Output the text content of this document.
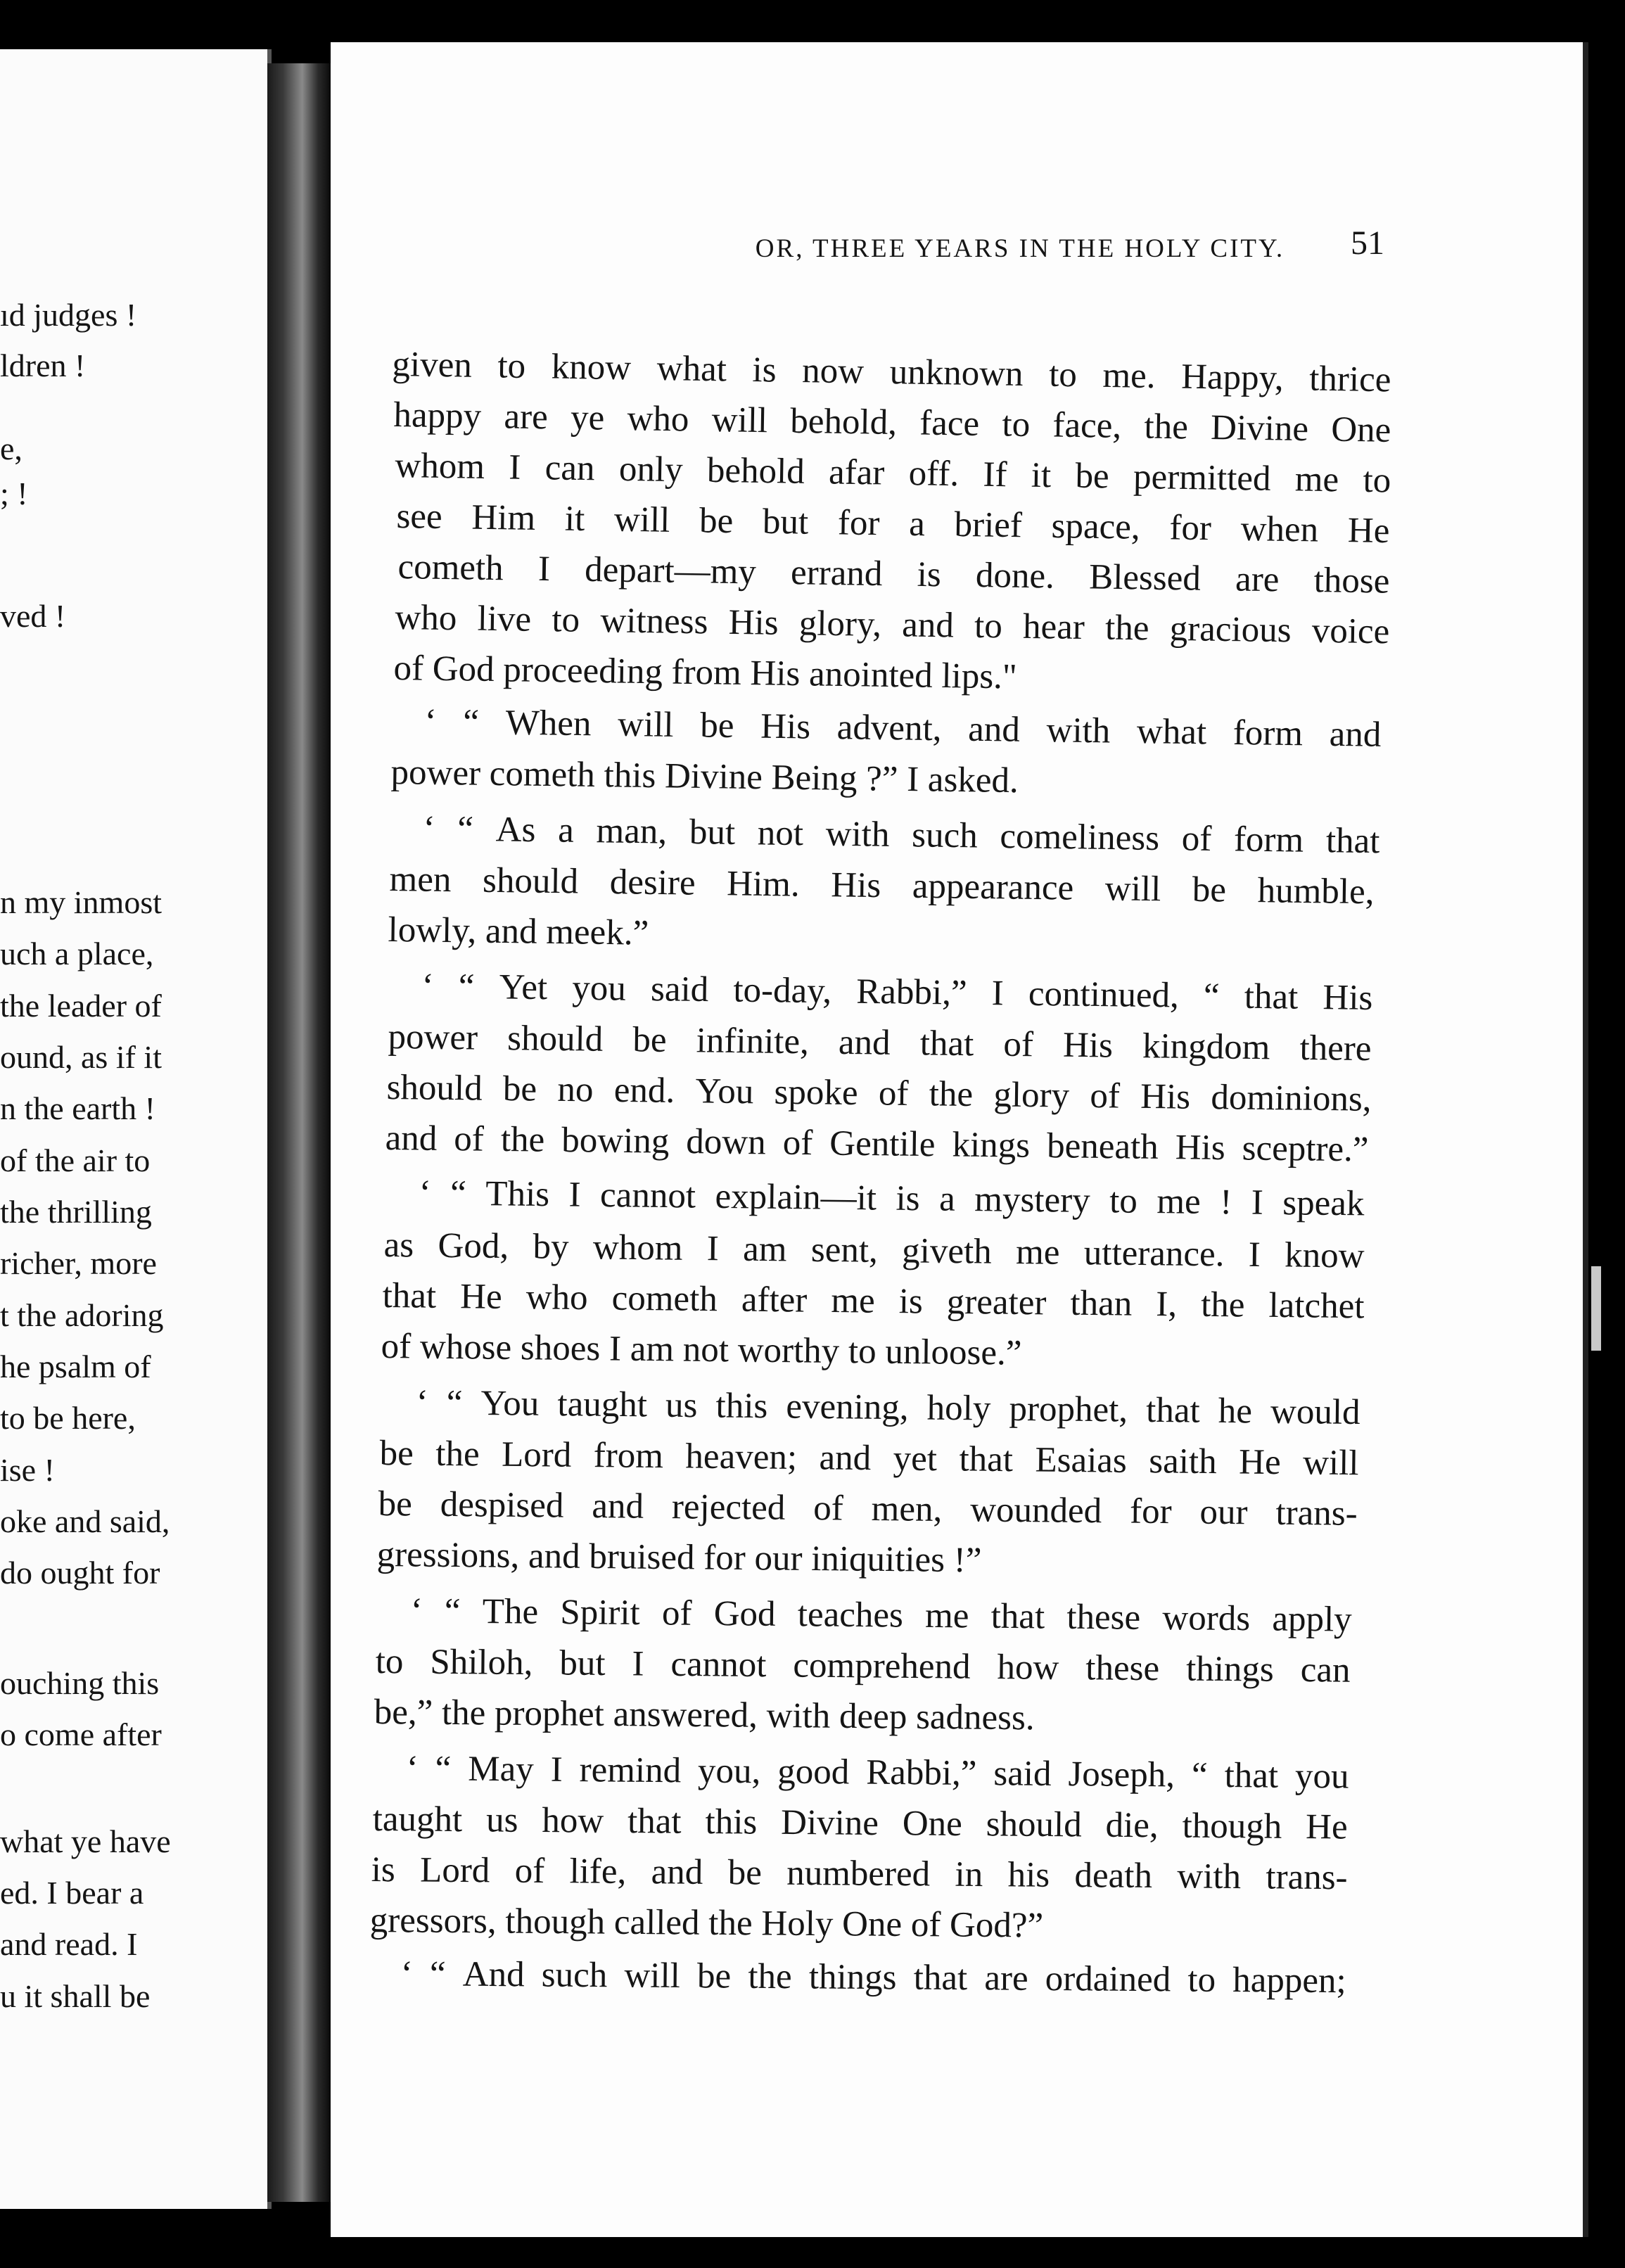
ıd judges !
ldren !
e,
; !
ved !
n my inmost
uch a place,
the leader of
ound, as if it
n the earth !
of the air to
the thrilling
richer, more
t the adoring
he psalm of
to be here,
ise !
oke and said,
do ought for
ouching this
o come after
what ye have
ed. I bear a
and read. I
u it shall be
OR, THREE YEARS IN THE HOLY CITY.	51
given to know what is now unknown to me. Happy, thrice
happy are ye who will behold, face to face, the Divine One
whom I can only behold afar off. If it be permitted me to
see Him it will be but for a brief space, for when He
cometh I depart—my errand is done. Blessed are those
who live to witness His glory, and to hear the gracious voice
of God proceeding from His anointed lips."
‘ “ When will be His advent, and with what form and
power cometh this Divine Being ?” I asked.
‘ “ As a man, but not with such comeliness of form that
men should desire Him. His appearance will be humble,
lowly, and meek.”
‘ “ Yet you said to-day, Rabbi,” I continued, “ that His
power should be infinite, and that of His kingdom there
should be no end. You spoke of the glory of His dominions,
and of the bowing down of Gentile kings beneath His sceptre.”
‘ “ This I cannot explain—it is a mystery to me ! I speak
as God, by whom I am sent, giveth me utterance. I know
that He who cometh after me is greater than I, the latchet
of whose shoes I am not worthy to unloose.”
‘ “ You taught us this evening, holy prophet, that he would
be the Lord from heaven; and yet that Esaias saith He will
be despised and rejected of men, wounded for our trans-
gressions, and bruised for our iniquities !”
‘ “ The Spirit of God teaches me that these words apply
to Shiloh, but I cannot comprehend how these things can
be,” the prophet answered, with deep sadness.
‘ “ May I remind you, good Rabbi,” said Joseph, “ that you
taught us how that this Divine One should die, though He
is Lord of life, and be numbered in his death with trans-
gressors, though called the Holy One of God?”
‘ “ And such will be the things that are ordained to happen;
